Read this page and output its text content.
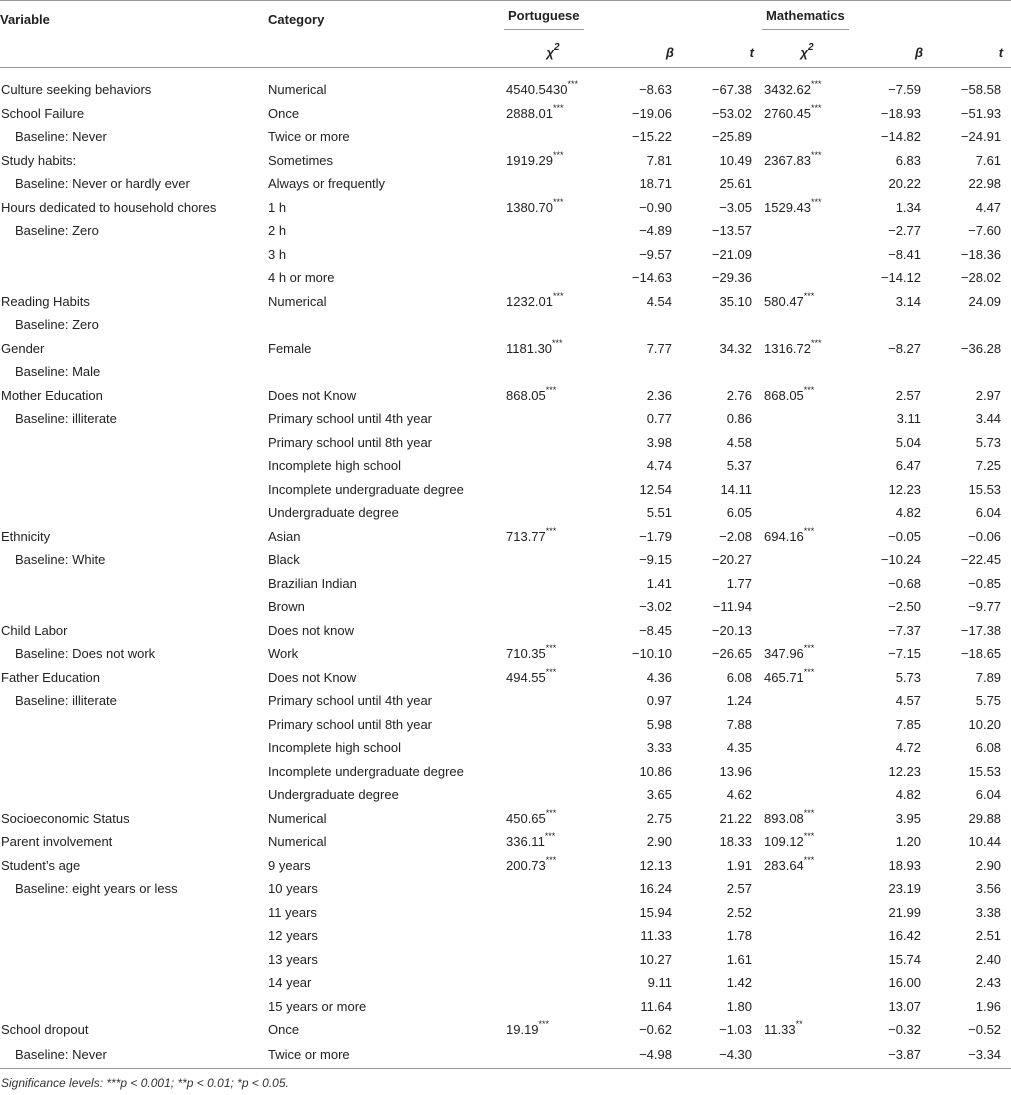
Variable	Category	Portuguese			Mathematics		
		$\chi^2$	β	t	$\chi^2$	β	t

Culture seeking behaviors	Numerical	4540.5430***	−8.63	−67.38	3432.62***	−7.59	−58.58
School Failure	Once	2888.01***	−19.06	−53.02	2760.45***	−18.93	−51.93
Baseline: Never	Twice or more		−15.22	−25.89		−14.82	−24.91
Study habits:	Sometimes	1919.29***	7.81	10.49	2367.83***	6.83	7.61
Baseline: Never or hardly ever	Always or frequently		18.71	25.61		20.22	22.98
Hours dedicated to household chores	1 h	1380.70***	−0.90	−3.05	1529.43***	1.34	4.47
Baseline: Zero	2 h		−4.89	−13.57		−2.77	−7.60
	3 h		−9.57	−21.09		−8.41	−18.36
	4 h or more		−14.63	−29.36		−14.12	−28.02
Reading Habits	Numerical	1232.01***	4.54	35.10	580.47***	3.14	24.09
Baseline: Zero							
Gender	Female	1181.30***	7.77	34.32	1316.72***	−8.27	−36.28
Baseline: Male							
Mother Education	Does not Know	868.05***	2.36	2.76	868.05***	2.57	2.97
Baseline: illiterate	Primary school until 4th year		0.77	0.86		3.11	3.44
	Primary school until 8th year		3.98	4.58		5.04	5.73
	Incomplete high school		4.74	5.37		6.47	7.25
	Incomplete undergraduate degree		12.54	14.11		12.23	15.53
	Undergraduate degree		5.51	6.05		4.82	6.04
Ethnicity	Asian	713.77***	−1.79	−2.08	694.16***	−0.05	−0.06
Baseline: White	Black		−9.15	−20.27		−10.24	−22.45
	Brazilian Indian		1.41	1.77		−0.68	−0.85
	Brown		−3.02	−11.94		−2.50	−9.77
Child Labor	Does not know		−8.45	−20.13		−7.37	−17.38
Baseline: Does not work	Work	710.35***	−10.10	−26.65	347.96***	−7.15	−18.65
Father Education	Does not Know	494.55***	4.36	6.08	465.71***	5.73	7.89
Baseline: illiterate	Primary school until 4th year		0.97	1.24		4.57	5.75
	Primary school until 8th year		5.98	7.88		7.85	10.20
	Incomplete high school		3.33	4.35		4.72	6.08
	Incomplete undergraduate degree		10.86	13.96		12.23	15.53
	Undergraduate degree		3.65	4.62		4.82	6.04
Socioeconomic Status	Numerical	450.65***	2.75	21.22	893.08***	3.95	29.88
Parent involvement	Numerical	336.11***	2.90	18.33	109.12***	1.20	10.44
Student’s age	9 years	200.73***	12.13	1.91	283.64***	18.93	2.90
Baseline: eight years or less	10 years		16.24	2.57		23.19	3.56
	11 years		15.94	2.52		21.99	3.38
	12 years		11.33	1.78		16.42	2.51
	13 years		10.27	1.61		15.74	2.40
	14 year		9.11	1.42		16.00	2.43
	15 years or more		11.64	1.80		13.07	1.96
School dropout	Once	19.19***	−0.62	−1.03	11.33**	−0.32	−0.52
Baseline: Never	Twice or more		−4.98	−4.30		−3.87	−3.34
Significance levels: ***p < 0.001; **p < 0.01; *p < 0.05.
